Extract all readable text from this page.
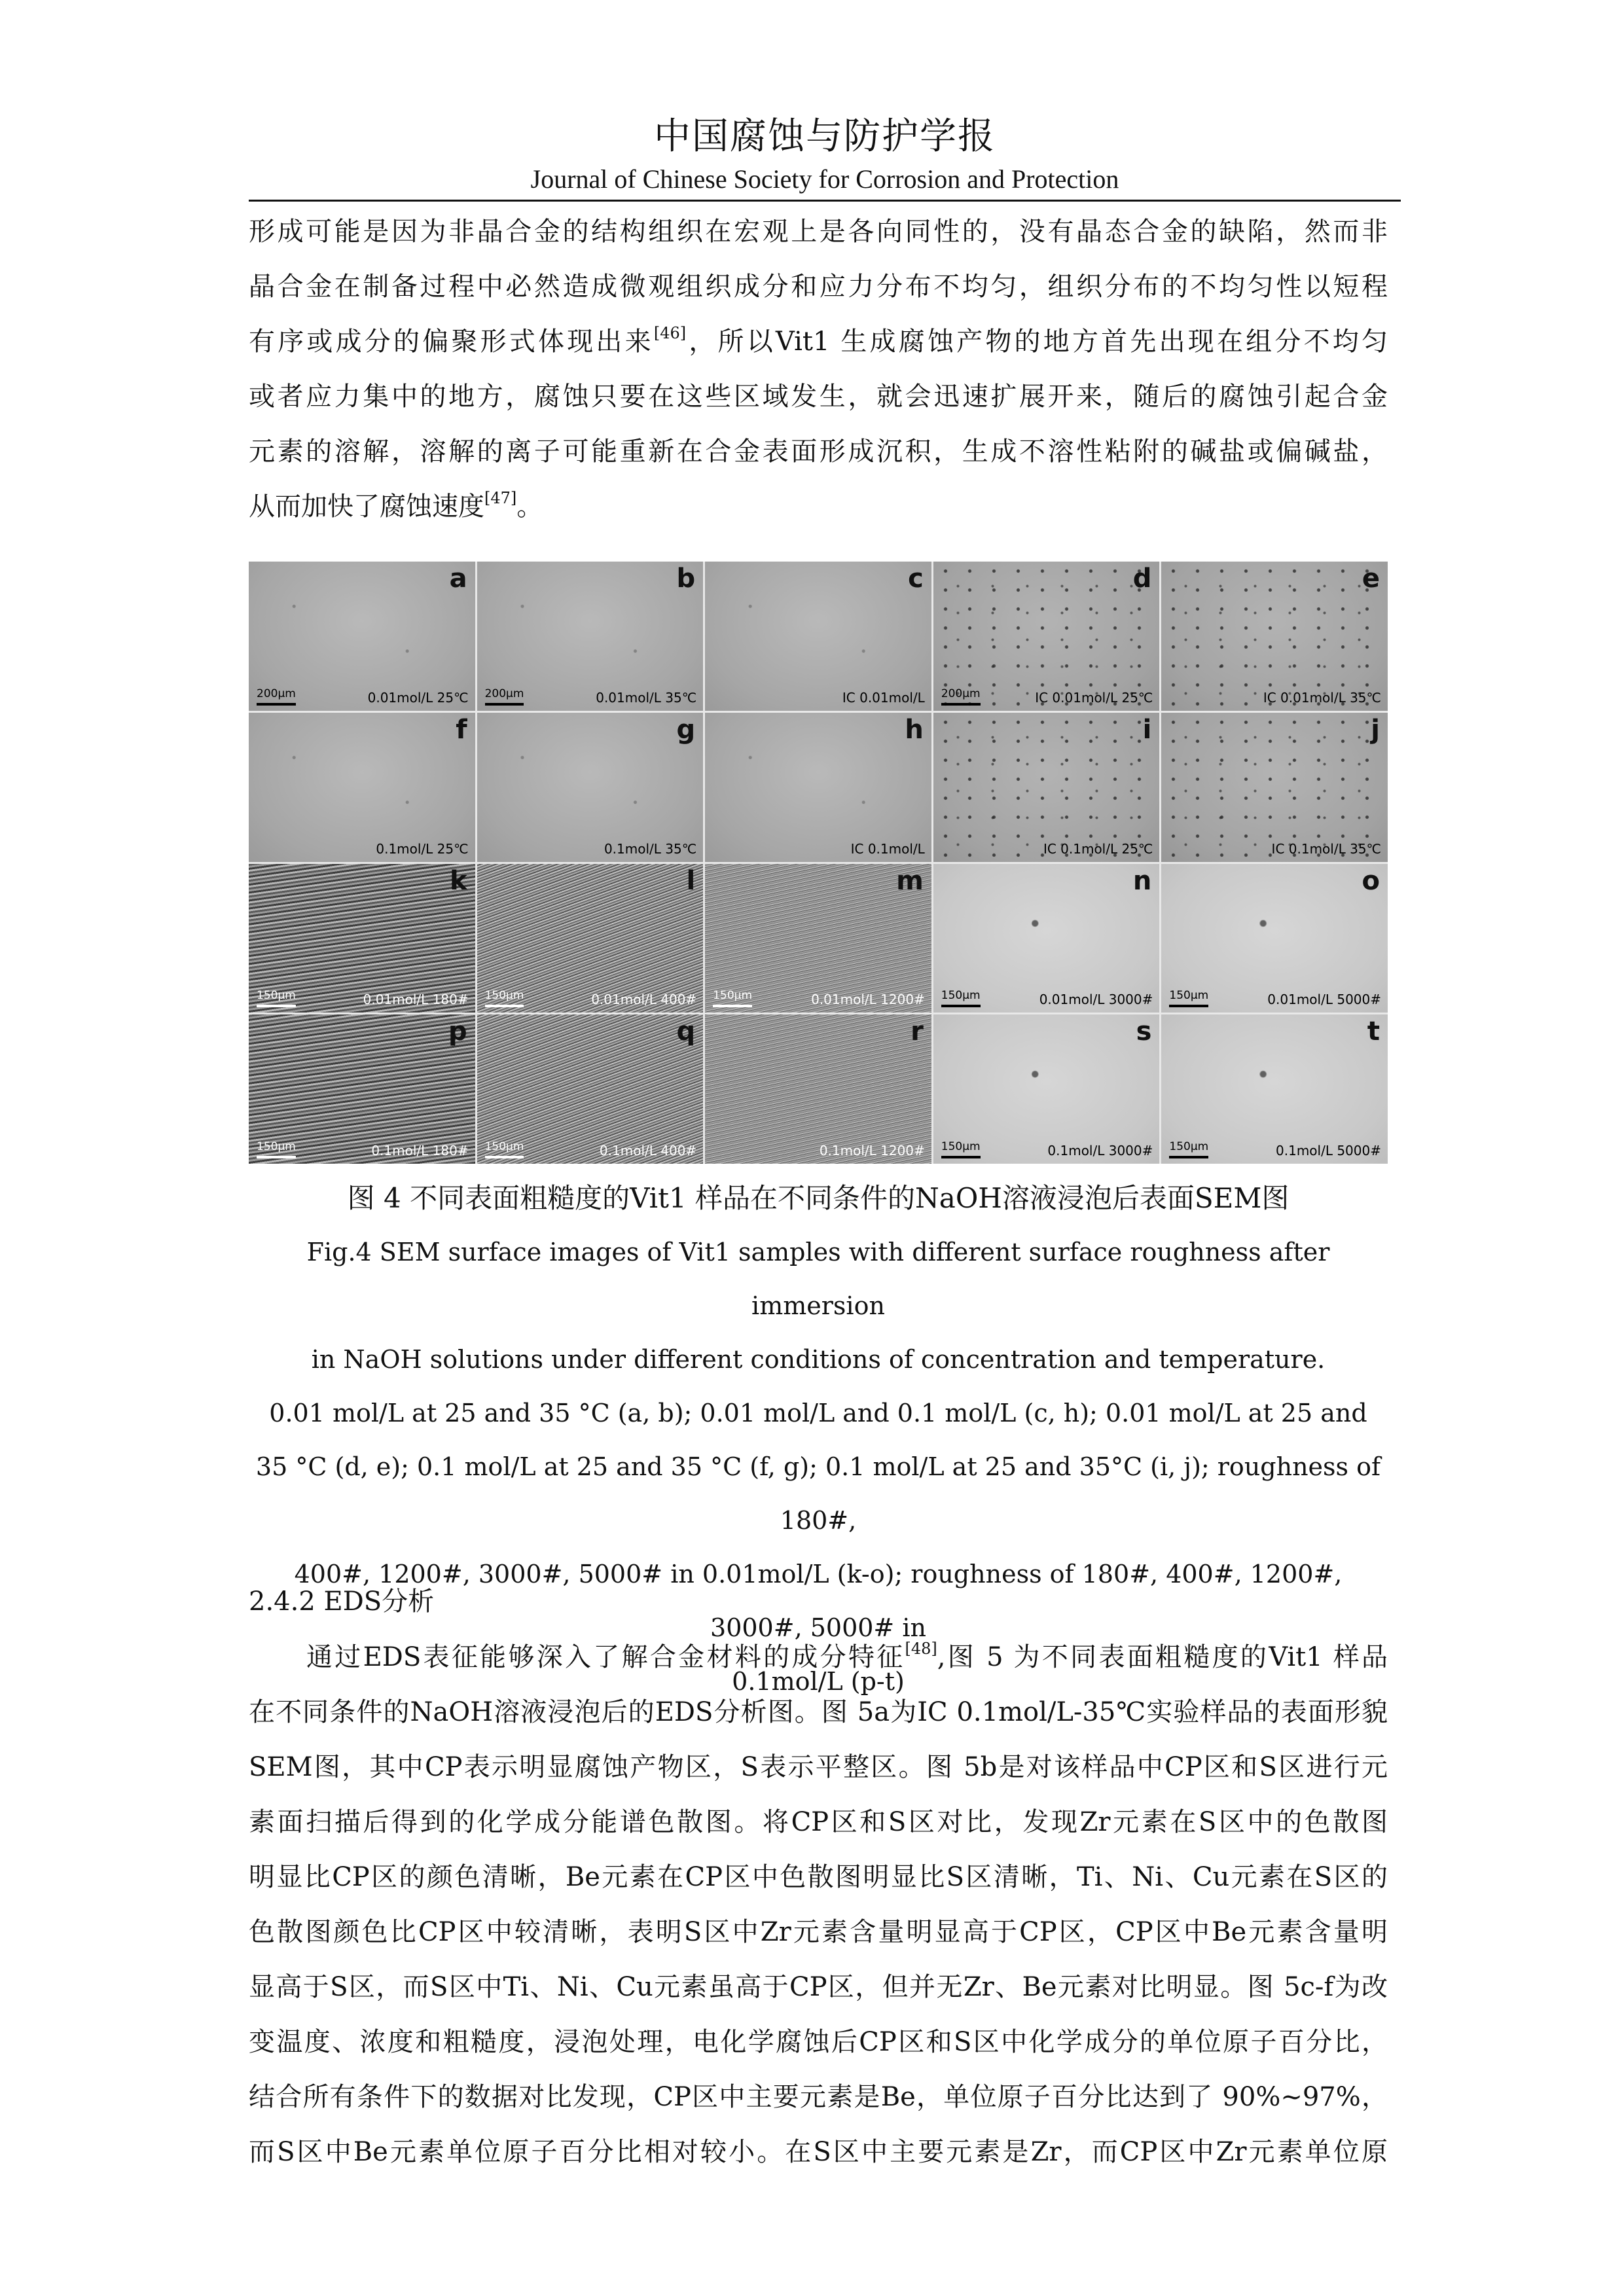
中国腐蚀与防护学报
Journal of Chinese Society for Corrosion and Protection
形成可能是因为非晶合金的结构组织在宏观上是各向同性的，没有晶态合金的缺陷，然而非
晶合金在制备过程中必然造成微观组织成分和应力分布不均匀，组织分布的不均匀性以短程
有序或成分的偏聚形式体现出来[46]，所以Vit1 生成腐蚀产物的地方首先出现在组分不均匀
或者应力集中的地方，腐蚀只要在这些区域发生，就会迅速扩展开来，随后的腐蚀引起合金
元素的溶解，溶解的离子可能重新在合金表面形成沉积，生成不溶性粘附的碱盐或偏碱盐，
从而加快了腐蚀速度[47]。
a
200μm	0.01mol/L 25℃
b
200μm	0.01mol/L 35℃
c
IC 0.01mol/L
d
200μm	IC 0.01mol/L 25℃
e
IC 0.01mol/L 35℃
f
0.1mol/L 25℃
g
0.1mol/L 35℃
h
IC 0.1mol/L
i
IC 0.1mol/L 25℃
j
IC 0.1mol/L 35℃
k
150μm	0.01mol/L 180#
l
150μm	0.01mol/L 400#
m
150μm	0.01mol/L 1200#
n
150μm	0.01mol/L 3000#
o
150μm	0.01mol/L 5000#
p
150μm	0.1mol/L 180#
q
150μm	0.1mol/L 400#
r
0.1mol/L 1200#
s
150μm	0.1mol/L 3000#
t
150μm	0.1mol/L 5000#
图 4 不同表面粗糙度的Vit1 样品在不同条件的NaOH溶液浸泡后表面SEM图
Fig.4 SEM surface images of Vit1 samples with different surface roughness after immersion
in NaOH solutions under different conditions of concentration and temperature.
0.01 mol/L at 25 and 35 °C (a, b); 0.01 mol/L and 0.1 mol/L (c, h); 0.01 mol/L at 25 and
35 °C (d, e); 0.1 mol/L at 25 and 35 °C (f, g); 0.1 mol/L at 25 and 35°C (i, j); roughness of 180#,
400#, 1200#, 3000#, 5000# in 0.01mol/L (k-o); roughness of 180#, 400#, 1200#, 3000#, 5000# in
0.1mol/L (p-t)
2.4.2 EDS分析
通过EDS表征能够深入了解合金材料的成分特征[48],图 5 为不同表面粗糙度的Vit1 样品
在不同条件的NaOH溶液浸泡后的EDS分析图。图 5a为IC 0.1mol/L-35℃实验样品的表面形貌
SEM图，其中CP表示明显腐蚀产物区，S表示平整区。图 5b是对该样品中CP区和S区进行元
素面扫描后得到的化学成分能谱色散图。将CP区和S区对比，发现Zr元素在S区中的色散图
明显比CP区的颜色清晰，Be元素在CP区中色散图明显比S区清晰，Ti、Ni、Cu元素在S区的
色散图颜色比CP区中较清晰，表明S区中Zr元素含量明显高于CP区，CP区中Be元素含量明
显高于S区，而S区中Ti、Ni、Cu元素虽高于CP区，但并无Zr、Be元素对比明显。图 5c-f为改
变温度、浓度和粗糙度，浸泡处理，电化学腐蚀后CP区和S区中化学成分的单位原子百分比，
结合所有条件下的数据对比发现，CP区中主要元素是Be，单位原子百分比达到了 90%~97%，
而S区中Be元素单位原子百分比相对较小。在S区中主要元素是Zr，而CP区中Zr元素单位原
